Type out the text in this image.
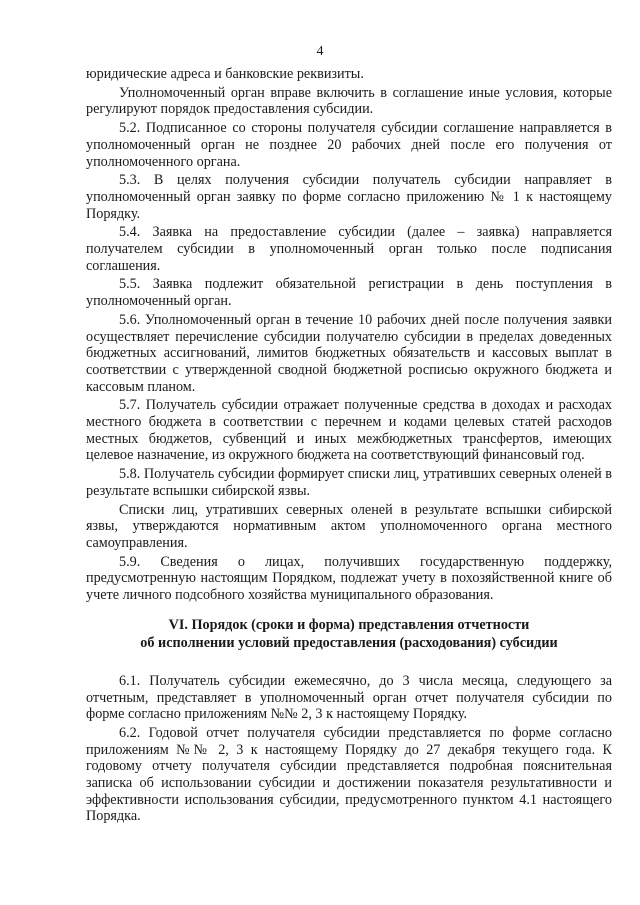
4

юридические адреса и банковские реквизиты.

Уполномоченный орган вправе включить в соглашение иные условия, которые регулируют порядок предоставления субсидии.

5.2. Подписанное со стороны получателя субсидии соглашение направляется в уполномоченный орган не позднее 20 рабочих дней после его получения от уполномоченного органа.

5.3. В целях получения субсидии получатель субсидии направляет в уполномоченный орган заявку по форме согласно приложению № 1 к настоящему Порядку.

5.4. Заявка на предоставление субсидии (далее – заявка) направляется получателем субсидии в уполномоченный орган только после подписания соглашения.

5.5. Заявка подлежит обязательной регистрации в день поступления в уполномоченный орган.

5.6. Уполномоченный орган в течение 10 рабочих дней после получения заявки осуществляет перечисление субсидии получателю субсидии в пределах доведенных бюджетных ассигнований, лимитов бюджетных обязательств и кассовых выплат в соответствии с утвержденной сводной бюджетной росписью окружного бюджета и кассовым планом.

5.7. Получатель субсидии отражает полученные средства в доходах и расходах местного бюджета в соответствии с перечнем и кодами целевых статей расходов местных бюджетов, субвенций и иных межбюджетных трансфертов, имеющих целевое назначение, из окружного бюджета на соответствующий финансовый год.

5.8. Получатель субсидии формирует списки лиц, утративших северных оленей в результате вспышки сибирской язвы.

Списки лиц, утративших северных оленей в результате вспышки сибирской язвы, утверждаются нормативным актом уполномоченного органа местного самоуправления.

5.9. Сведения о лицах, получивших государственную поддержку, предусмотренную настоящим Порядком, подлежат учету в похозяйственной книге об учете личного подсобного хозяйства муниципального образования.

VI. Порядок (сроки и форма) представления отчетности
об исполнении условий предоставления (расходования) субсидии

6.1. Получатель субсидии ежемесячно, до 3 числа месяца, следующего за отчетным, представляет в уполномоченный орган отчет получателя субсидии по форме согласно приложениям №№ 2, 3 к настоящему Порядку.

6.2. Годовой отчет получателя субсидии представляется по форме согласно приложениям №№ 2, 3 к настоящему Порядку до 27 декабря текущего года. К годовому отчету получателя субсидии представляется подробная пояснительная записка об использовании субсидии и достижении показателя результативности и эффективности использования субсидии, предусмотренного пунктом 4.1 настоящего Порядка.
